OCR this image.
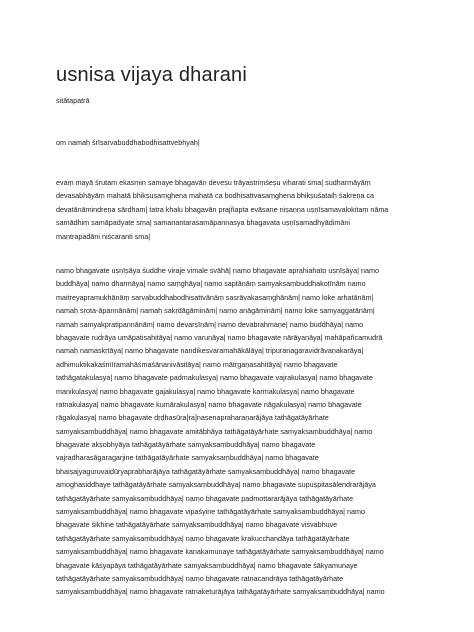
usnisa vijaya dharani
sitātapatrā
om namaḥ śrīsarvabuddhabodhisattvebhyaḥ|
evaṃ mayā śrutam ekasmin samaye bhagavān deveṣu trāyastriṃśeṣu viharati sma| sudharmāyāṃ
devasabhāyāṃ mahatā bhikṣusaṃghena mahatā ca bodhisattvasaṃghena bhikṣuśataiḥ śakreṇa ca
devatānāmindreṇa sārdham| tatra khalu bhagavān prajñapta evāsane niṣaṇṇa uṣṇīṣamavalokitaṃ nāma
samādhiṃ samāpadyate sma| samanantarasamāpannasya bhagavata uṣṇīṣamadhyādimāni
mantrapadāni niścaranti sma|
namo bhagavate uṣṇīṣāya śuddhe viraje vimale svāhā| namo bhagavate aprahiahato uṣṇīṣāya| namo
buddhāya| namo dharmāya| namo saṃghāya| namo saptānāṃ samyaksaṃbuddhakoṭīnām namo
maitreyapramukhānāṃ sarvabuddhabodhisattvānāṃ sasrāvakasaṃghānām| namo loke arhatānām|
namaḥ srota-āpannānām| namaḥ sakṛdāgāminām| namo anāgāminām| namo loke samyaggatānām|
namaḥ samyakpratipannānām| namo devarṣīṇām| namo devabrahmaṇe| namo buddhāya| namo
bhagavate rudrāya umāpatisahitāya| namo varuṇāya| namo bhagavate nārāyaṇāya| mahāpañcamudrā
namaḥ namaskṛtāya| namo bhagavate nandikesvaramahākālāya| tripuranagaravidrāvaṇakarāya|
adhimuktikakaśmīramahāśmaśānanivāsitāya| namo mātṛgaṇasahitāya| namo bhagavate
tathāgatakulasya| namo bhagavate padmakulasya| namo bhagavate vajrakulasya| namo bhagavate
maṇikulasya| namo bhagavate gajakulasya| namo bhagavate karmakulasya| namo bhagavate
ratnakulasya| namo bhagavate kumārakulasya| namo bhagavate nāgakulasya| namo bhagavate
rāgakulasya| namo bhagavate dṛḍhasūra[ra]nasenapraharaṇarājāya tathāgatāyārhate
samyaksaṃbuddhāya| namo bhagavate amitābhāya tathāgatāyārhate samyaksaṃbuddhāya| namo
bhagavate akṣobhyāya tathāgatāyārhate samyaksaṃbuddhāya| namo bhagavate
vajradharasāgaragarjine tathāgatāyārhate samyaksaṃbuddhāya| namo bhagavate
bhaiṣajyaguruvaiḍūryaprabharājāya tathāgatāyārhate samyaksaṃbuddhāya| namo bhagavate
amoghasiddhaye tathāgatāyārhate samyaksaṃbuddhāya| namo bhagavate supuṣpitasālendrarājāya
tathāgatāyārhate samyaksaṃbuddhāya| namo bhagavate padmottararājāya tathāgatāyārhate
samyaksaṃbuddhāya| namo bhagavate vipaśyine tathāgatāyārhate samyaksaṃbuddhāya| namo
bhagavate śikhine tathāgatāyārhate samyaksaṃbuddhāya| namo bhagavate viśvabhuve
tathāgatāyārhate samyaksaṃbuddhāya| namo bhagavate krakucchandāya tathāgatāyārhate
samyaksaṃbuddhāya| namo bhagavate kanakamunaye tathāgatāyārhate samyaksaṃbuddhāya| namo
bhagavate kāśyapāya tathāgatāyārhate samyaksaṃbuddhāya| namo bhagavate śākyamunaye
tathāgatāyārhate samyaksaṃbuddhāya| namo bhagavate ratnacandrāya tathāgatāyārhate
samyaksaṃbuddhāya| namo bhagavate ratnaketurājāya tathāgatāyārhate samyaksaṃbuddhāya| namo
